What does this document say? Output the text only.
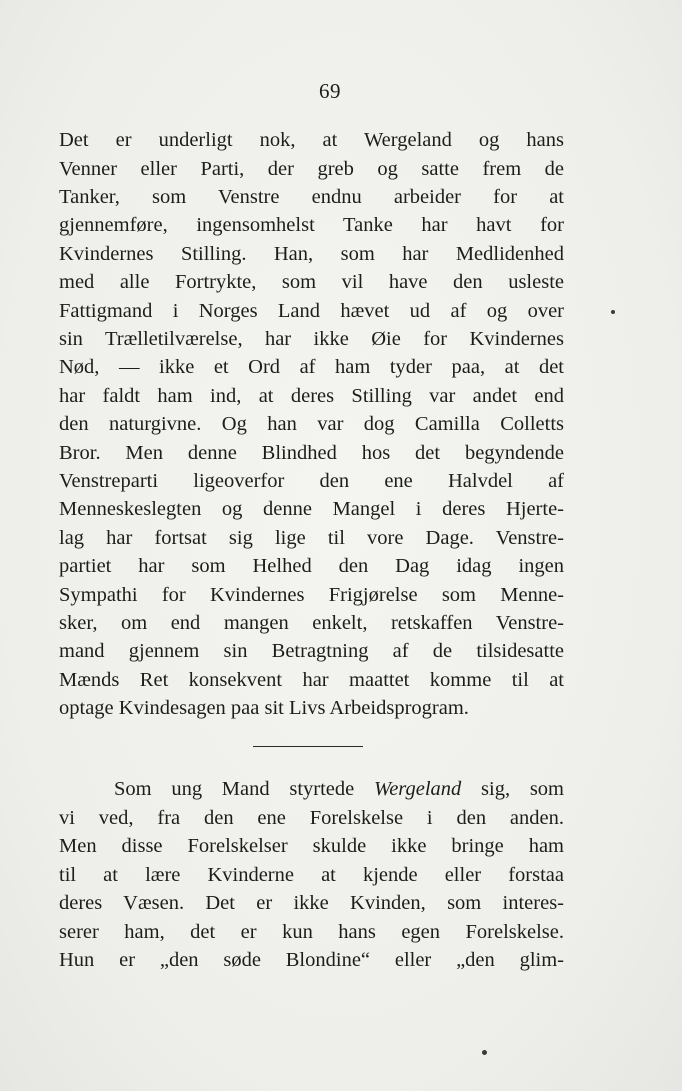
69
Det er underligt nok, at Wergeland og hans
Venner eller Parti, der greb og satte frem de
Tanker, som Venstre endnu arbeider for at
gjennemføre, ingensomhelst Tanke har havt for
Kvindernes Stilling. Han, som har Medlidenhed
med alle Fortrykte, som vil have den usleste
Fattigmand i Norges Land hævet ud af og over
sin Trælletilværelse, har ikke Øie for Kvindernes
Nød, — ikke et Ord af ham tyder paa, at det
har faldt ham ind, at deres Stilling var andet end
den naturgivne. Og han var dog Camilla Colletts
Bror. Men denne Blindhed hos det begyndende
Venstreparti ligeoverfor den ene Halvdel af
Menneskeslegten og denne Mangel i deres Hjerte-
lag har fortsat sig lige til vore Dage. Venstre-
partiet har som Helhed den Dag idag ingen
Sympathi for Kvindernes Frigjørelse som Menne-
sker, om end mangen enkelt, retskaffen Venstre-
mand gjennem sin Betragtning af de tilsidesatte
Mænds Ret konsekvent har maattet komme til at
optage Kvindesagen paa sit Livs Arbeidsprogram.
Som ung Mand styrtede Wergeland sig, som
vi ved, fra den ene Forelskelse i den anden.
Men disse Forelskelser skulde ikke bringe ham
til at lære Kvinderne at kjende eller forstaa
deres Væsen. Det er ikke Kvinden, som interes-
serer ham, det er kun hans egen Forelskelse.
Hun er „den søde Blondine“ eller „den glim-
